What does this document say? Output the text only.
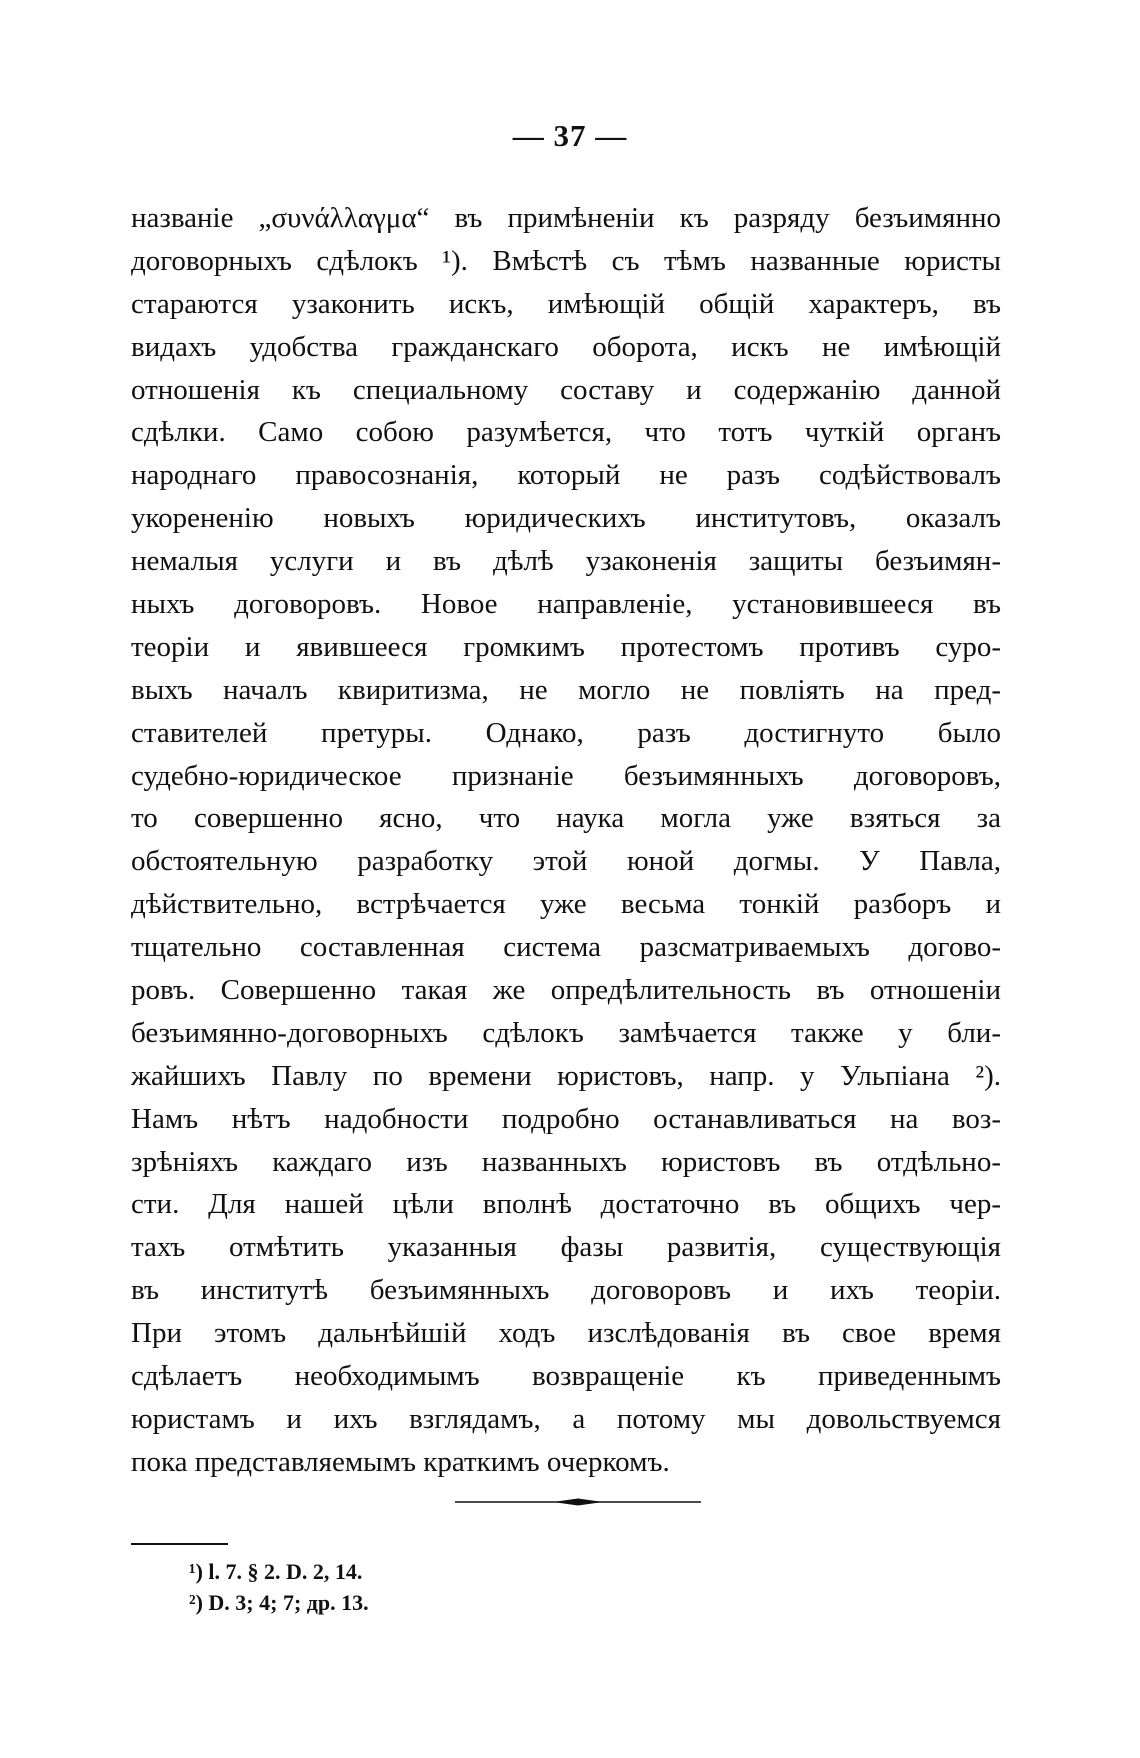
— 37 —
названіе „συνάλλαγμα“ въ примѣненіи къ разряду безъимянно
договорныхъ сдѣлокъ ¹). Вмѣстѣ съ тѣмъ названные юристы
стараются узаконить искъ, имѣющій общій характеръ, въ
видахъ удобства гражданскаго оборота, искъ не имѣющій
отношенія къ специальному составу и содержанію данной
сдѣлки. Само собою разумѣется, что тотъ чуткій органъ
народнаго правосознанія, который не разъ содѣйствовалъ
укорененію новыхъ юридическихъ институтовъ, оказалъ
немалыя услуги и въ дѣлѣ узаконенія защиты безъимян-
ныхъ договоровъ. Новое направленіе, установившееся въ
теоріи и явившееся громкимъ протестомъ противъ суро-
выхъ началъ квиритизма, не могло не повліять на пред-
ставителей претуры. Однако, разъ достигнуто было
судебно-юридическое признаніе безъимянныхъ договоровъ,
то совершенно ясно, что наука могла уже взяться за
обстоятельную разработку этой юной догмы. У Павла,
дѣйствительно, встрѣчается уже весьма тонкій разборъ и
тщательно составленная система разсматриваемыхъ догово-
ровъ. Совершенно такая же опредѣлительность въ отношеніи
безъимянно-договорныхъ сдѣлокъ замѣчается также у бли-
жайшихъ Павлу по времени юристовъ, напр. у Ульпіана ²).
Намъ нѣтъ надобности подробно останавливаться на воз-
зрѣніяхъ каждаго изъ названныхъ юристовъ въ отдѣльно-
сти. Для нашей цѣли вполнѣ достаточно въ общихъ чер-
тахъ отмѣтить указанныя фазы развитія, существующія
въ институтѣ безъимянныхъ договоровъ и ихъ теоріи.
При этомъ дальнѣйшій ходъ изслѣдованія въ свое время
сдѣлаетъ необходимымъ возвращеніе къ приведеннымъ
юристамъ и ихъ взглядамъ, а потому мы довольствуемся
пока представляемымъ краткимъ очеркомъ.
¹) l. 7. § 2. D. 2, 14.
²) D. 3; 4; 7; др. 13.
